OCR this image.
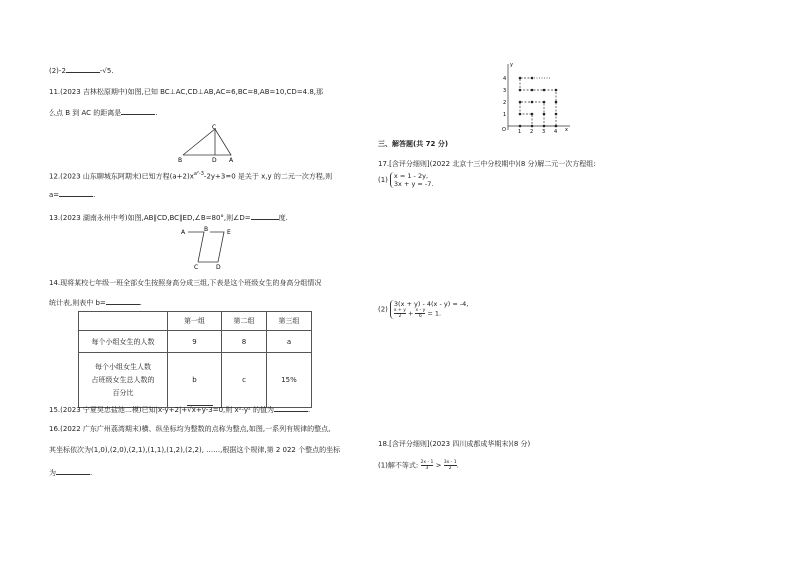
(2)-2	-√5.
11.(2023 吉林松原期中)如图,已知 BC⊥AC,CD⊥AB,AC=6,BC=8,AB=10,CD=4.8,那
么点 B 到 AC 的距离是	.
C
B	D A
12.(2023 山东聊城东阿期末)已知方程$(a+2)x^{a^2-3}-2y+3=0$ 是关于 x,y 的二元一次方程,则
a=	.
13.(2023 湖南永州中考)如图,AB∥CD,BC∥ED,∠B=80°,则∠D=	度.
A	B	E
C	D
14.现将某校七年级一班全部女生按照身高分成三组,下表是这个班级女生的身高分组情况
统计表,则表中 b=	.
	第一组	第二组	第三组
每个小组女生的人数	9	8	a

每个小组女生人数
占班级女生总人数的
百分比	b	c	15%
15.(2023 宁夏吴忠盐池二模)已知|x-y+2|+√x+y-3=0,则 x²-y² 的值为	.
16.(2022 广东广州荔湾期末)横、纵坐标均为整数的点称为整点,如图,一系列有规律的整点,
其坐标依次为(1,0),(2,0),(2,1),(1,1),(1,2),(2,2), ……,根据这个规律,第 2 022 个整点的坐标
为	.
O
y
x
1 2 3 4
1
2
3
4
三、解答题(共 72 分)
17.[含评分细则](2022 北京十三中分校期中)(8 分)解二元一次方程组:
(1) x = 1 - 2y,
3x + y = -7.
(2)
3(x + y) - 4(x - y) = -4,
$\frac{x + y}{2} + \frac{x - y}{6} = 1$.
18.[含评分细则](2023 四川成都成华期末)(8 分)
(1)解不等式: $\frac{2x - 1}{3} > \frac{3x - 1}{2}$ .
